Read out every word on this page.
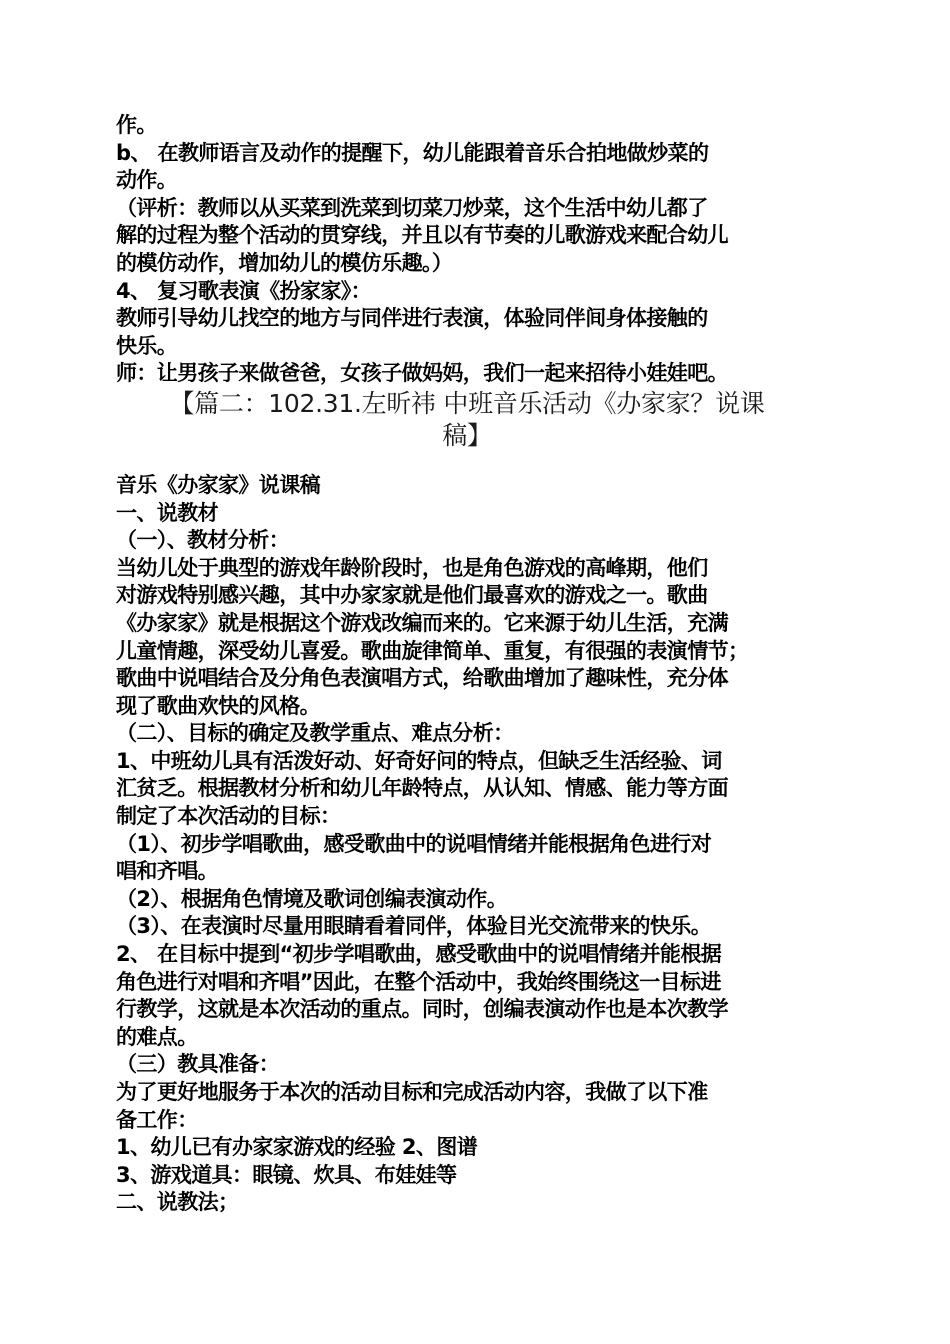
作。
b、 在教师语言及动作的提醒下，幼儿能跟着音乐合拍地做炒菜的
动作。
（评析：教师以从买菜到洗菜到切菜刀炒菜，这个生活中幼儿都了
解的过程为整个活动的贯穿线，并且以有节奏的儿歌游戏来配合幼儿
的模仿动作，增加幼儿的模仿乐趣。）
4、 复习歌表演《扮家家》：
教师引导幼儿找空的地方与同伴进行表演，体验同伴间身体接触的
快乐。
师：让男孩子来做爸爸，女孩子做妈妈，我们一起来招待小娃娃吧。
【篇二：102.31.左昕祎 中班音乐活动《办家家？说课
稿】
音乐《办家家》说课稿
一、说教材
（一）、教材分析：
当幼儿处于典型的游戏年龄阶段时，也是角色游戏的高峰期，他们
对游戏特别感兴趣，其中办家家就是他们最喜欢的游戏之一。歌曲
《办家家》就是根据这个游戏改编而来的。它来源于幼儿生活，充满
儿童情趣，深受幼儿喜爱。歌曲旋律简单、重复，有很强的表演情节；
歌曲中说唱结合及分角色表演唱方式，给歌曲增加了趣味性，充分体
现了歌曲欢快的风格。
（二）、目标的确定及教学重点、难点分析：
1、中班幼儿具有活泼好动、好奇好问的特点，但缺乏生活经验、词
汇贫乏。根据教材分析和幼儿年龄特点，从认知、情感、能力等方面
制定了本次活动的目标：
（1）、初步学唱歌曲，感受歌曲中的说唱情绪并能根据角色进行对
唱和齐唱。
（2）、根据角色情境及歌词创编表演动作。
（3）、在表演时尽量用眼睛看着同伴，体验目光交流带来的快乐。
2、 在目标中提到“初步学唱歌曲，感受歌曲中的说唱情绪并能根据
角色进行对唱和齐唱”因此，在整个活动中，我始终围绕这一目标进
行教学，这就是本次活动的重点。同时，创编表演动作也是本次教学
的难点。
（三）教具准备：
为了更好地服务于本次的活动目标和完成活动内容，我做了以下准
备工作：
1、幼儿已有办家家游戏的经验 2、图谱
3、游戏道具：眼镜、炊具、布娃娃等
二、说教法；
